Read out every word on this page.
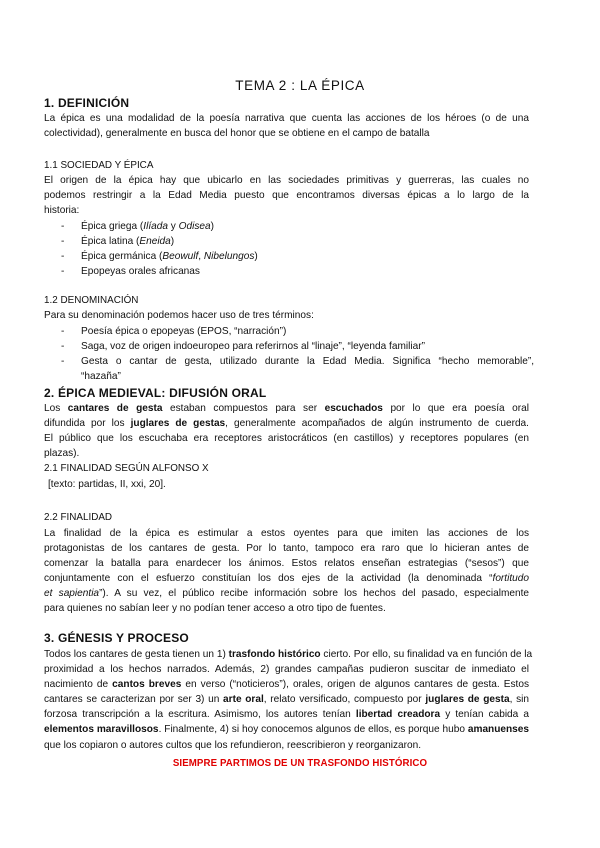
TEMA 2 : LA ÉPICA
1. DEFINICIÓN
La épica es una modalidad de la poesía narrativa que cuenta las acciones de los héroes (o de una
colectividad), generalmente en busca del honor que se obtiene en el campo de batalla
1.1 SOCIEDAD Y ÉPICA
El origen de la épica hay que ubicarlo en las sociedades primitivas y guerreras, las cuales no
podemos restringir a la Edad Media puesto que encontramos diversas épicas a lo largo de la
historia:
- Épica griega (Ilíada y Odisea)
- Épica latina (Eneida)
- Épica germánica (Beowulf, Nibelungos)
- Epopeyas orales africanas
1.2 DENOMINACIÓN
Para su denominación podemos hacer uso de tres términos:
- Poesía épica o epopeyas (EPOS, “narración”)
- Saga, voz de origen indoeuropeo para referirnos al “linaje”, “leyenda familiar”
- Gesta o cantar de gesta, utilizado durante la Edad Media. Significa “hecho memorable”,
“hazaña”
2. ÉPICA MEDIEVAL: DIFUSIÓN ORAL
Los cantares de gesta estaban compuestos para ser escuchados por lo que era poesía oral
difundida por los juglares de gestas, generalmente acompañados de algún instrumento de cuerda.
El público que los escuchaba era receptores aristocráticos (en castillos) y receptores populares (en
plazas).
2.1 FINALIDAD SEGÚN ALFONSO X
[texto: partidas, II, xxi, 20].
2.2 FINALIDAD
La finalidad de la épica es estimular a estos oyentes para que imiten las acciones de los
protagonistas de los cantares de gesta. Por lo tanto, tampoco era raro que lo hicieran antes de
comenzar la batalla para enardecer los ánimos. Estos relatos enseñan estrategias (“sesos”) que
conjuntamente con el esfuerzo constituían los dos ejes de la actividad (la denominada “fortitudo
et sapientia”). A su vez, el público recibe información sobre los hechos del pasado, especialmente
para quienes no sabían leer y no podían tener acceso a otro tipo de fuentes.
3. GÉNESIS Y PROCESO
Todos los cantares de gesta tienen un 1) trasfondo histórico cierto. Por ello, su finalidad va en función de la
proximidad a los hechos narrados. Además, 2) grandes campañas pudieron suscitar de inmediato el
nacimiento de cantos breves en verso (“noticieros”), orales, origen de algunos cantares de gesta. Estos
cantares se caracterizan por ser 3) un arte oral, relato versificado, compuesto por juglares de gesta, sin
forzosa transcripción a la escritura. Asimismo, los autores tenían libertad creadora y tenían cabida a
elementos maravillosos. Finalmente, 4) si hoy conocemos algunos de ellos, es porque hubo amanuenses
que los copiaron o autores cultos que los refundieron, reescribieron y reorganizaron.
SIEMPRE PARTIMOS DE UN TRASFONDO HISTÓRICO
